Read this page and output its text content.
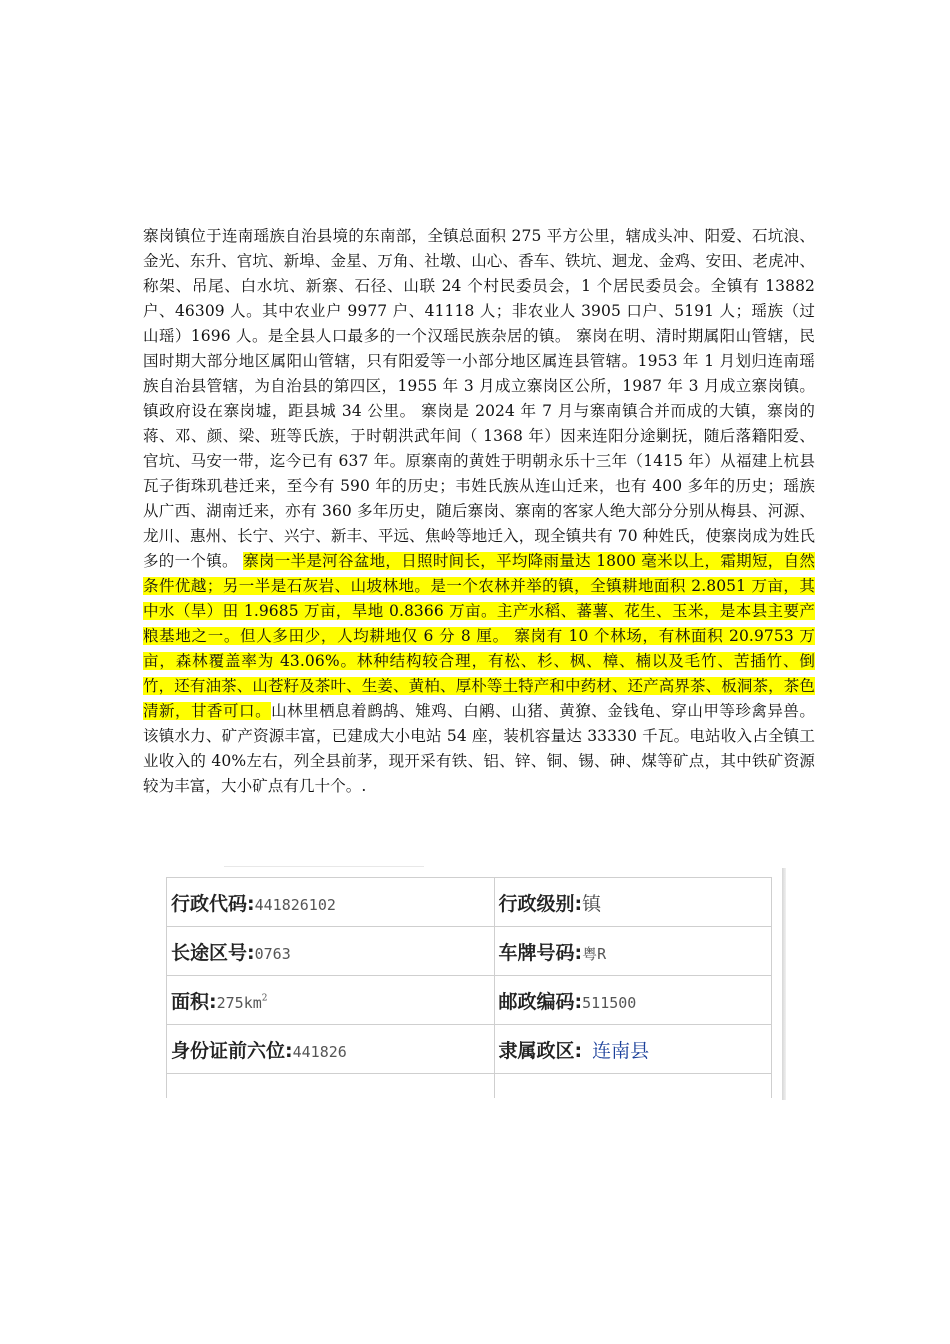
寨岗镇位于连南瑶族自治县境的东南部，全镇总面积 275 平方公里，辖成头冲、阳爱、石坑浪、金光、东升、官坑、新埠、金星、万角、社墩、山心、香车、铁坑、迴龙、金鸡、安田、老虎冲、称架、吊尾、白水坑、新寨、石径、山联 24 个村民委员会，1 个居民委员会。全镇有 13882 户、46309 人。其中农业户 9977 户、41118 人；非农业人 3905 口户、5191 人；瑶族（过山瑶）1696 人。是全县人口最多的一个汉瑶民族杂居的镇。 寨岗在明、清时期属阳山管辖，民国时期大部分地区属阳山管辖，只有阳爱等一小部分地区属连县管辖。1953 年 1 月划归连南瑶族自治县管辖，为自治县的第四区，1955 年 3 月成立寨岗区公所，1987 年 3 月成立寨岗镇。镇政府设在寨岗墟，距县城 34 公里。 寨岗是 2024 年 7 月与寨南镇合并而成的大镇，寨岗的蒋、邓、颜、梁、班等氏族，于时朝洪武年间（ 1368 年）因来连阳分途剿抚，随后落籍阳爱、官坑、马安一带，迄今已有 637 年。原寨南的黄姓于明朝永乐十三年（1415 年）从福建上杭县瓦子街珠玑巷迁来，至今有 590 年的历史；韦姓氏族从连山迁来，也有 400 多年的历史；瑶族从广西、湖南迁来，亦有 360 多年历史，随后寨岗、寨南的客家人绝大部分分别从梅县、河源、龙川、惠州、长宁、兴宁、新丰、平远、焦岭等地迁入，现全镇共有 70 种姓氏，使寨岗成为姓氏多的一个镇。 寨岗一半是河谷盆地，日照时间长，平均降雨量达 1800 毫米以上，霜期短，自然条件优越；另一半是石灰岩、山坡林地。是一个农林并举的镇，全镇耕地面积 2.8051 万亩，其中水（旱）田 1.9685 万亩，旱地 0.8366 万亩。主产水稻、蕃薯、花生、玉米，是本县主要产粮基地之一。但人多田少，人均耕地仅 6 分 8 厘。 寨岗有 10 个林场，有林面积 20.9753 万亩，森林覆盖率为 43.06%。林种结构较合理，有松、杉、枫、樟、楠以及毛竹、苦插竹、倒竹，还有油茶、山苍籽及茶叶、生姜、黄柏、厚朴等土特产和中药材、还产高界茶、板洞茶，茶色清新，甘香可口。山林里栖息着鹧鸪、雉鸡、白鹇、山猪、黄獠、金钱龟、穿山甲等珍禽异兽。 该镇水力、矿产资源丰富，已建成大小电站 54 座，装机容量达 33330 千瓦。电站收入占全镇工业收入的 40%左右，列全县前茅，现开采有铁、铝、锌、铜、锡、砷、煤等矿点，其中铁矿资源较为丰富，大小矿点有几十个。.
行政代码:441826102	行政级别:镇
长途区号:0763	车牌号码:粤R
面积$:275km^2$	邮政编码:511500
身份证前六位:441826	隶属政区: 连南县
